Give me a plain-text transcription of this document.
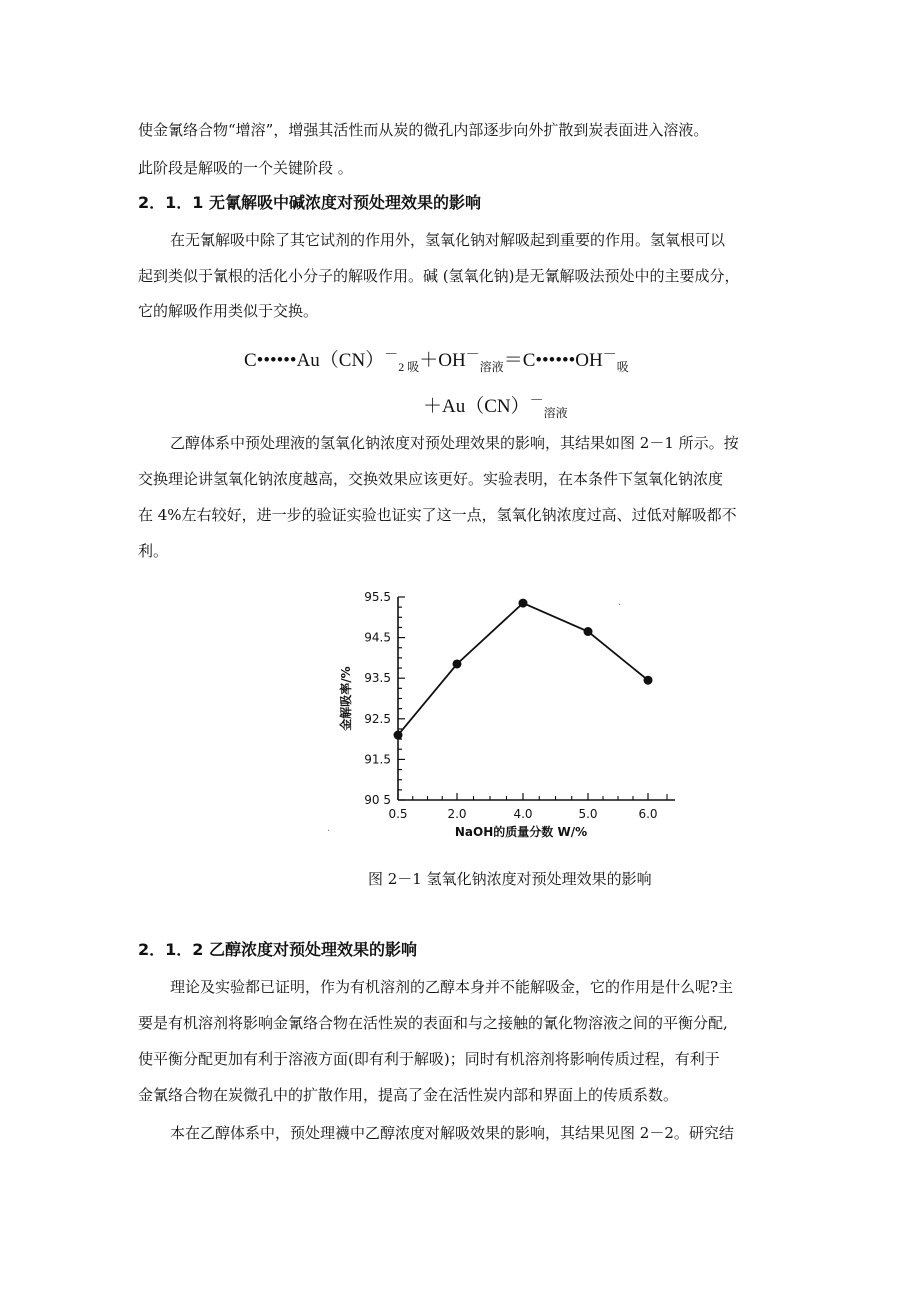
使金氰络合物“增溶”，增强其活性而从炭的微孔内部逐步向外扩散到炭表面进入溶液。
此阶段是解吸的一个关键阶段 。
2．1．1 无氰解吸中碱浓度对预处理效果的影响
在无氰解吸中除了其它试剂的作用外，氢氧化钠对解吸起到重要的作用。氢氧根可以
起到类似于氰根的活化小分子的解吸作用。碱 (氢氧化钠)是无氰解吸法预处中的主要成分，
它的解吸作用类似于交换。
$C••••••Au(CN)^-_{2 吸}+OH^-_{溶液}=C••••••OH^-_吸$
$+Au(CN)^-_{溶液}$
乙醇体系中预处理液的氢氧化钠浓度对预处理效果的影响，其结果如图 2－1 所示。按
交换理论讲氢氧化钠浓度越高，交换效果应该更好。实验表明，在本条件下氢氧化钠浓度
在 4%左右较好，进一步的验证实验也证实了这一点，氢氧化钠浓度过高、过低对解吸都不
利。
95.5
94.5
93.5
92.5
91.5
90 5
0.5	2.0	4.0	5.0	6.0
NaOH的质量分数 W/%
金解吸率/%
·
·
图 2－1 氢氧化钠浓度对预处理效果的影响
2．1．2 乙醇浓度对预处理效果的影响
理论及实验都已证明，作为有机溶剂的乙醇本身并不能解吸金，它的作用是什么呢?主
要是有机溶剂将影响金氰络合物在活性炭的表面和与之接触的氰化物溶液之间的平衡分配,
使平衡分配更加有利于溶液方面(即有利于解吸)；同时有机溶剂将影响传质过程，有利于
金氰络合物在炭微孔中的扩散作用，提高了金在活性炭内部和界面上的传质系数。
本在乙醇体系中，预处理襪中乙醇浓度对解吸效果的影响，其结果见图 2－2。研究结
